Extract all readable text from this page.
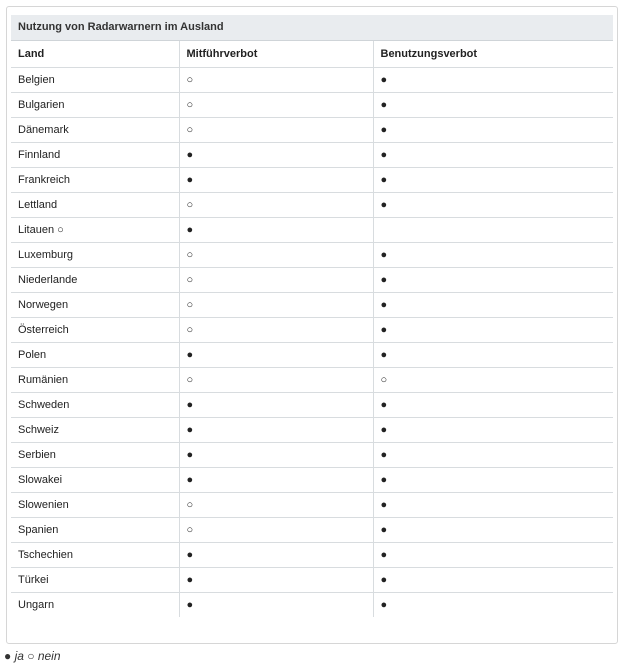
Nutzung von Radarwarnern im Ausland
Land	Mitführverbot	Benutzungsverbot
Belgien	○	●
Bulgarien	○	●
Dänemark	○	●
Finnland	●	●
Frankreich	●	●
Lettland	○	●
Litauen ○	●	
Luxemburg	○	●
Niederlande	○	●
Norwegen	○	●
Österreich	○	●
Polen	●	●
Rumänien	○	○
Schweden	●	●
Schweiz	●	●
Serbien	●	●
Slowakei	●	●
Slowenien	○	●
Spanien	○	●
Tschechien	●	●
Türkei	●	●
Ungarn	●	●
● ja ○ nein
